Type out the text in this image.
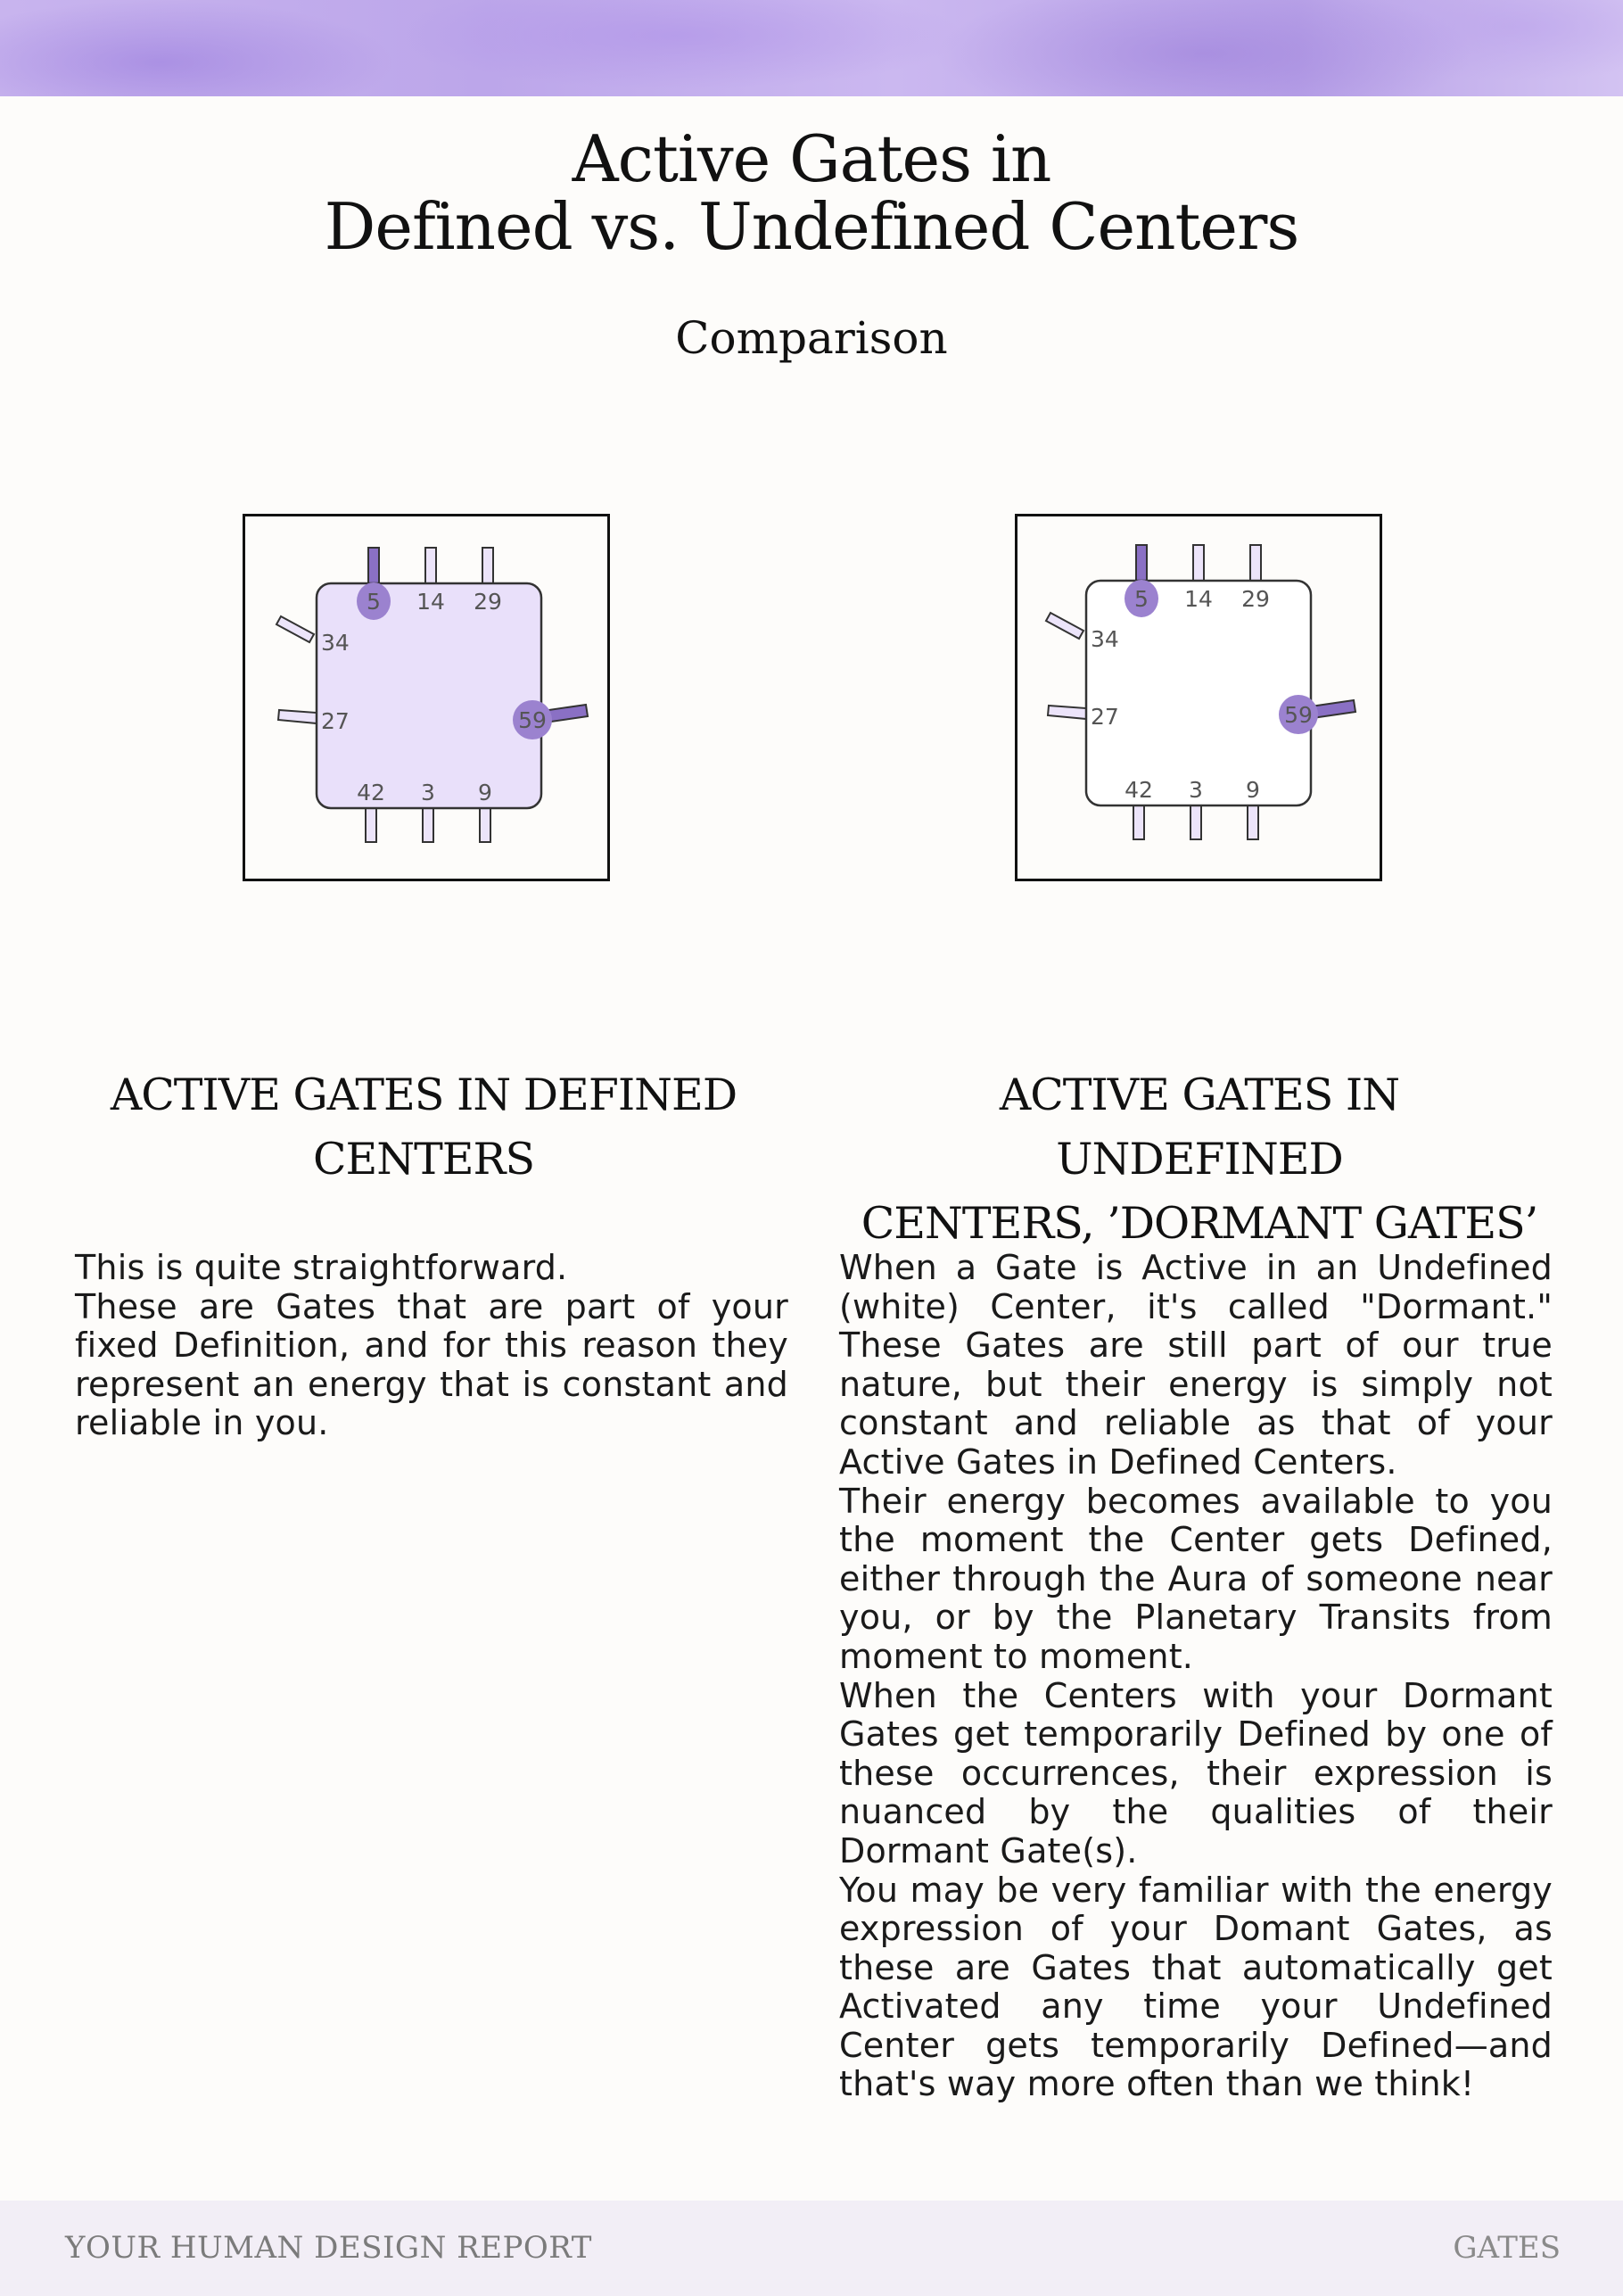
Active Gates in
Defined vs. Undefined Centers
Comparison
5 14 29
34
27	59
42 3 9
5 14 29
34
27	59
42 3 9
ACTIVE GATES IN DEFINED
CENTERS
ACTIVE GATES IN UNDEFINED
CENTERS, ’DORMANT GATES’

This is quite straightforward.

These are Gates that are part of your fixed Definition, and for this reason they represent an energy that is constant and reliable in you.

When a Gate is Active in an Undefined (white) Center, it's called "Dormant." These Gates are still part of our true nature, but their energy is simply not constant and reliable as that of your Active Gates in Defined Centers.

Their energy becomes available to you the moment the Center gets Defined, either through the Aura of someone near you, or by the Planetary Transits from moment to moment.

When the Centers with your Dormant Gates get temporarily Defined by one of these occurrences, their expression is nuanced by the qualities of their Dormant Gate(s).

You may be very familiar with the energy expression of your Domant Gates, as these are Gates that automatically get Activated any time your Undefined Center gets temporarily Defined—and that's way more often than we think!

YOUR HUMAN DESIGN REPORT	GATES
